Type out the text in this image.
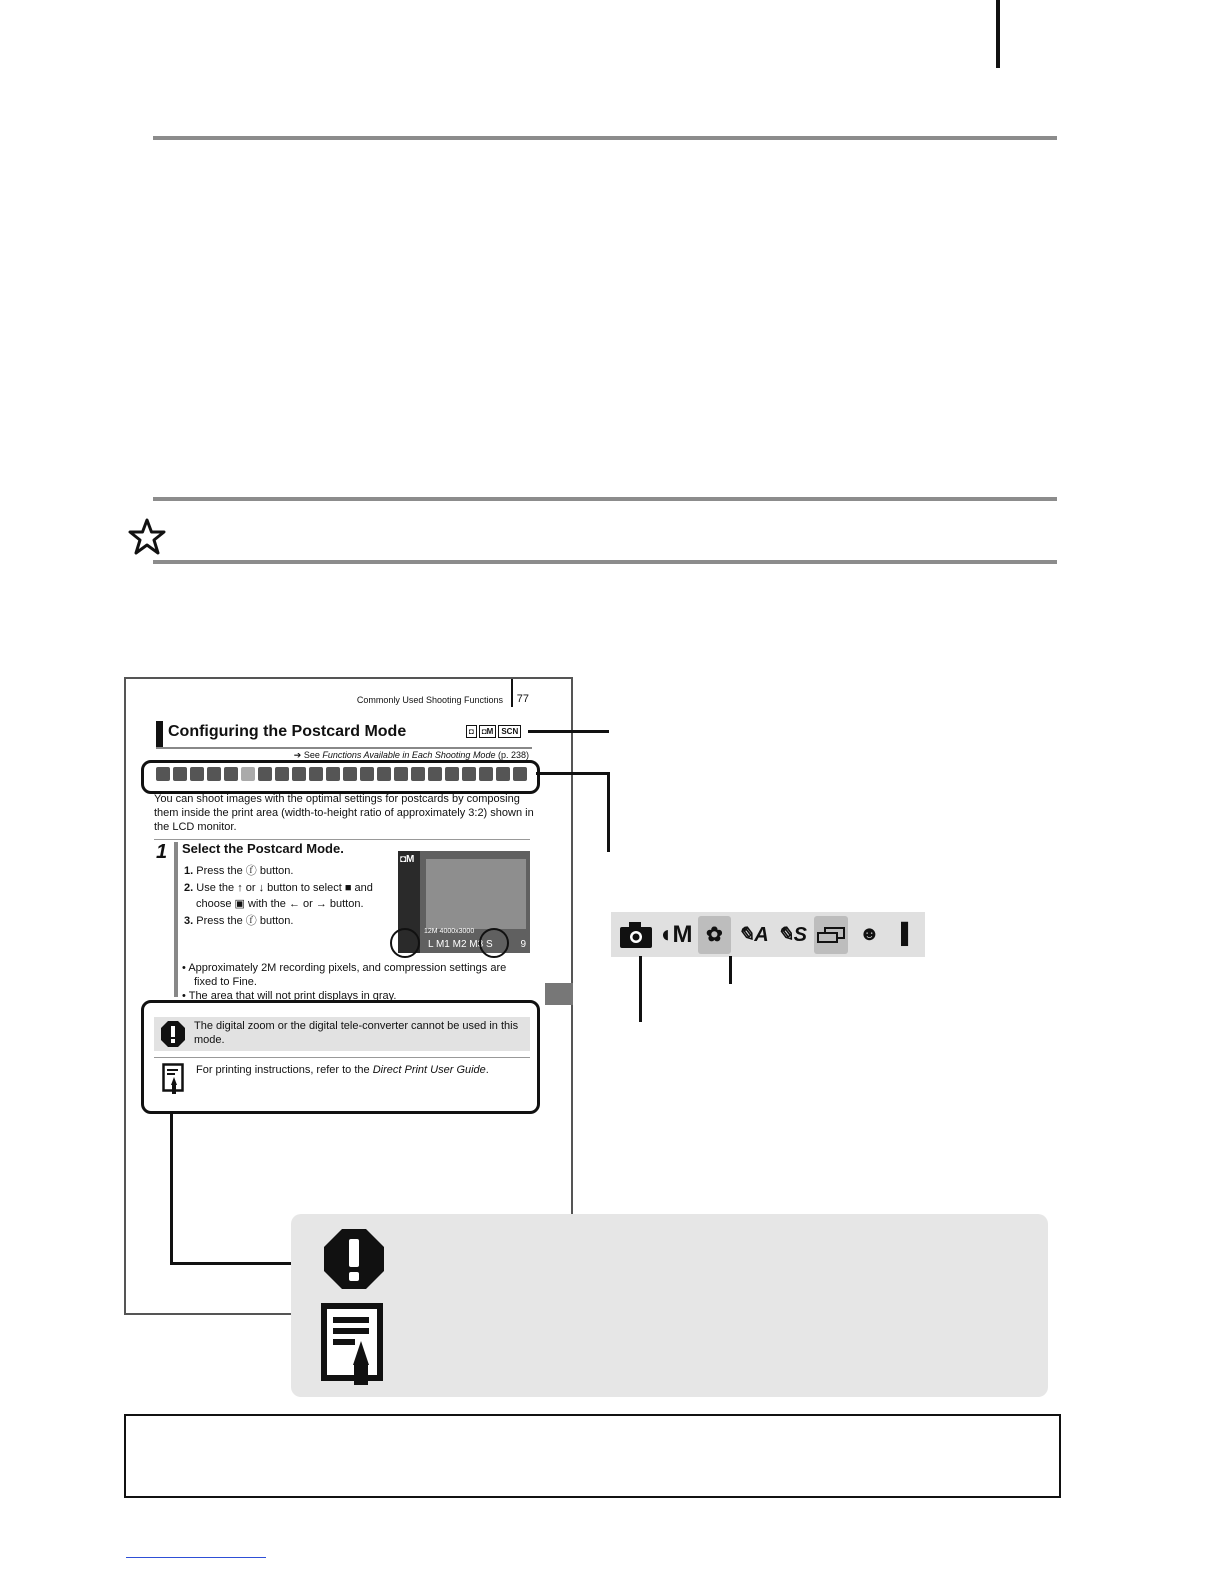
Commonly Used Shooting Functions 77
Configuring the Postcard Mode	◘	◘M	SCN
➔ See Functions Available in Each Shooting Mode (p. 238)
You can shoot images with the optimal settings for postcards by composing them inside the print area (width-to-height ratio of approximately 3:2) shown in the LCD monitor.
1 Select the Postcard Mode.
1. Press the ⓕ button.
2. Use the ↑ or ↓ button to select ■ and choose ▣ with the ← or → button.
3. Press the ⓕ button.
◘M
12M 4000x3000
L M1 M2 M3 S	9
• Approximately 2M recording pixels, and compression settings are fixed to Fine.
• The area that will not print displays in gray.
The digital zoom or the digital tele-converter cannot be used in this mode.
For printing instructions, refer to the Direct Print User Guide.
◖M ✿ ✎A ✎S	☻	▌
